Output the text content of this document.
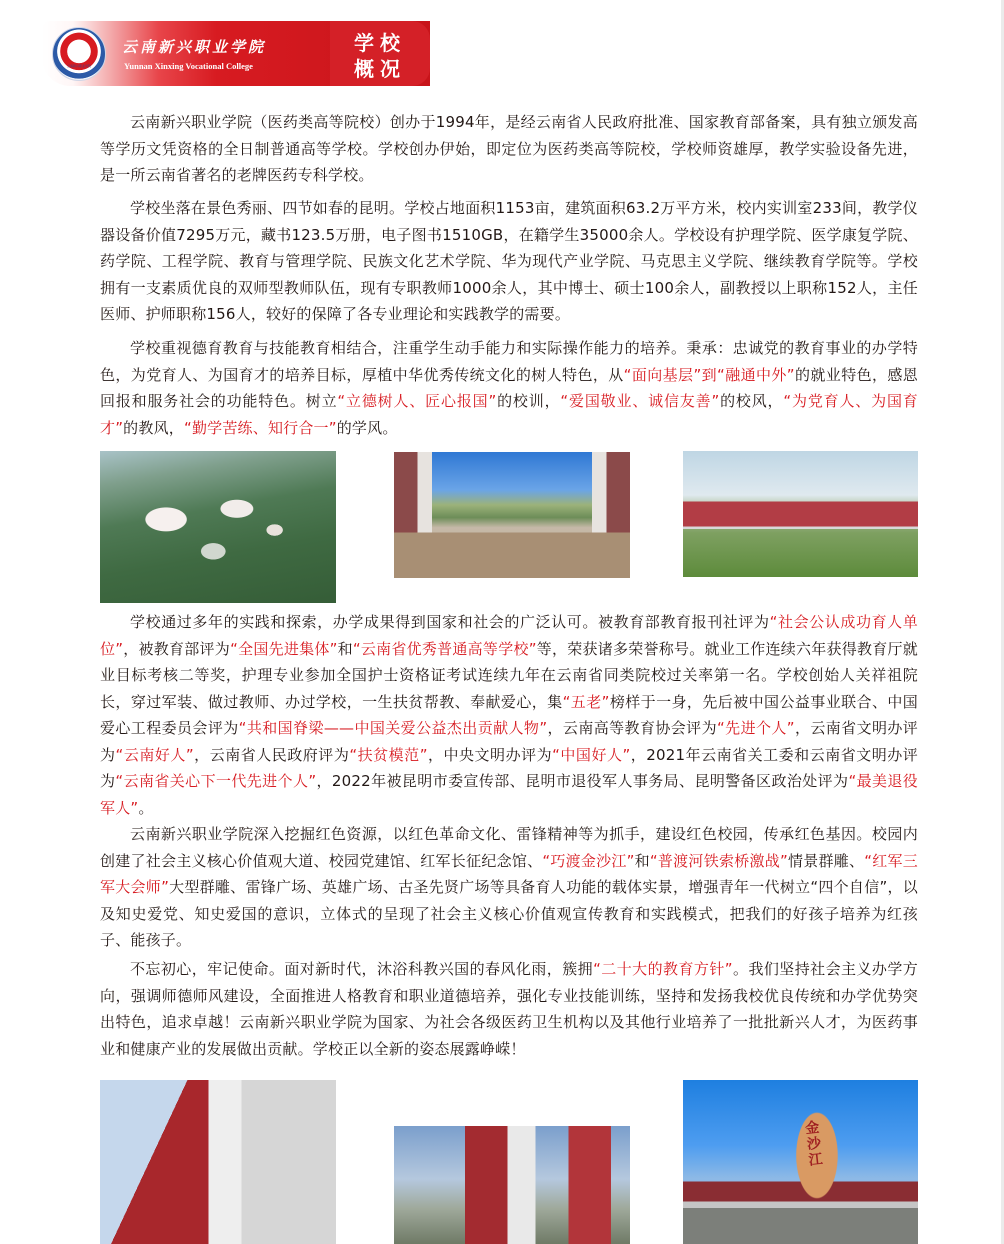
云南新兴职业学院
云南新兴职业学院
Yunnan Xinxing Vocational College
学校
概况

云南新兴职业学院（医药类高等院校）创办于1994年，是经云南省人民政府批准、国家教育部备案，具有独立颁发高等学历文凭资格的全日制普通高等学校。学校创办伊始，即定位为医药类高等院校，学校师资雄厚，教学实验设备先进，是一所云南省著名的老牌医药专科学校。

学校坐落在景色秀丽、四节如春的昆明。学校占地面积1153亩，建筑面积63.2万平方米，校内实训室233间，教学仪器设备价值7295万元，藏书123.5万册，电子图书1510GB，在籍学生35000余人。学校设有护理学院、医学康复学院、药学院、工程学院、教育与管理学院、民族文化艺术学院、华为现代产业学院、马克思主义学院、继续教育学院等。学校拥有一支素质优良的双师型教师队伍，现有专职教师1000余人，其中博士、硕士100余人，副教授以上职称152人，主任医师、护师职称156人，较好的保障了各专业理论和实践教学的需要。

学校重视德育教育与技能教育相结合，注重学生动手能力和实际操作能力的培养。秉承：忠诚党的教育事业的办学特色，为党育人、为国育才的培养目标，厚植中华优秀传统文化的树人特色，从“面向基层”到“融通中外”的就业特色，感恩回报和服务社会的功能特色。树立“立德树人、匠心报国”的校训，“爱国敬业、诚信友善”的校风，“为党育人、为国育才”的教风，“勤学苦练、知行合一”的学风。

学校通过多年的实践和探索，办学成果得到国家和社会的广泛认可。被教育部教育报刊社评为“社会公认成功育人单位”，被教育部评为“全国先进集体”和“云南省优秀普通高等学校”等，荣获诸多荣誉称号。就业工作连续六年获得教育厅就业目标考核二等奖，护理专业参加全国护士资格证考试连续九年在云南省同类院校过关率第一名。学校创始人关祥祖院长，穿过军装、做过教师、办过学校，一生扶贫帮教、奉献爱心，集“五老”榜样于一身，先后被中国公益事业联合、中国爱心工程委员会评为“共和国脊梁——中国关爱公益杰出贡献人物”，云南高等教育协会评为“先进个人”，云南省文明办评为“云南好人”，云南省人民政府评为“扶贫模范”，中央文明办评为“中国好人”，2021年云南省关工委和云南省文明办评为“云南省关心下一代先进个人”，2022年被昆明市委宣传部、昆明市退役军人事务局、昆明警备区政治处评为“最美退役军人”。

云南新兴职业学院深入挖掘红色资源，以红色革命文化、雷锋精神等为抓手，建设红色校园，传承红色基因。校园内创建了社会主义核心价值观大道、校园党建馆、红军长征纪念馆、“巧渡金沙江”和“普渡河铁索桥激战”情景群雕、“红军三军大会师”大型群雕、雷锋广场、英雄广场、古圣先贤广场等具备育人功能的载体实景，增强青年一代树立“四个自信”，以及知史爱党、知史爱国的意识，立体式的呈现了社会主义核心价值观宣传教育和实践模式，把我们的好孩子培养为红孩子、能孩子。

不忘初心，牢记使命。面对新时代，沐浴科教兴国的春风化雨，簇拥“二十大的教育方针”。我们坚持社会主义办学方向，强调师德师风建设，全面推进人格教育和职业道德培养，强化专业技能训练，坚持和发扬我校优良传统和办学优势突出特色，追求卓越！云南新兴职业学院为国家、为社会各级医药卫生机构以及其他行业培养了一批批新兴人才，为医药事业和健康产业的发展做出贡献。学校正以全新的姿态展露峥嵘！

金沙江
